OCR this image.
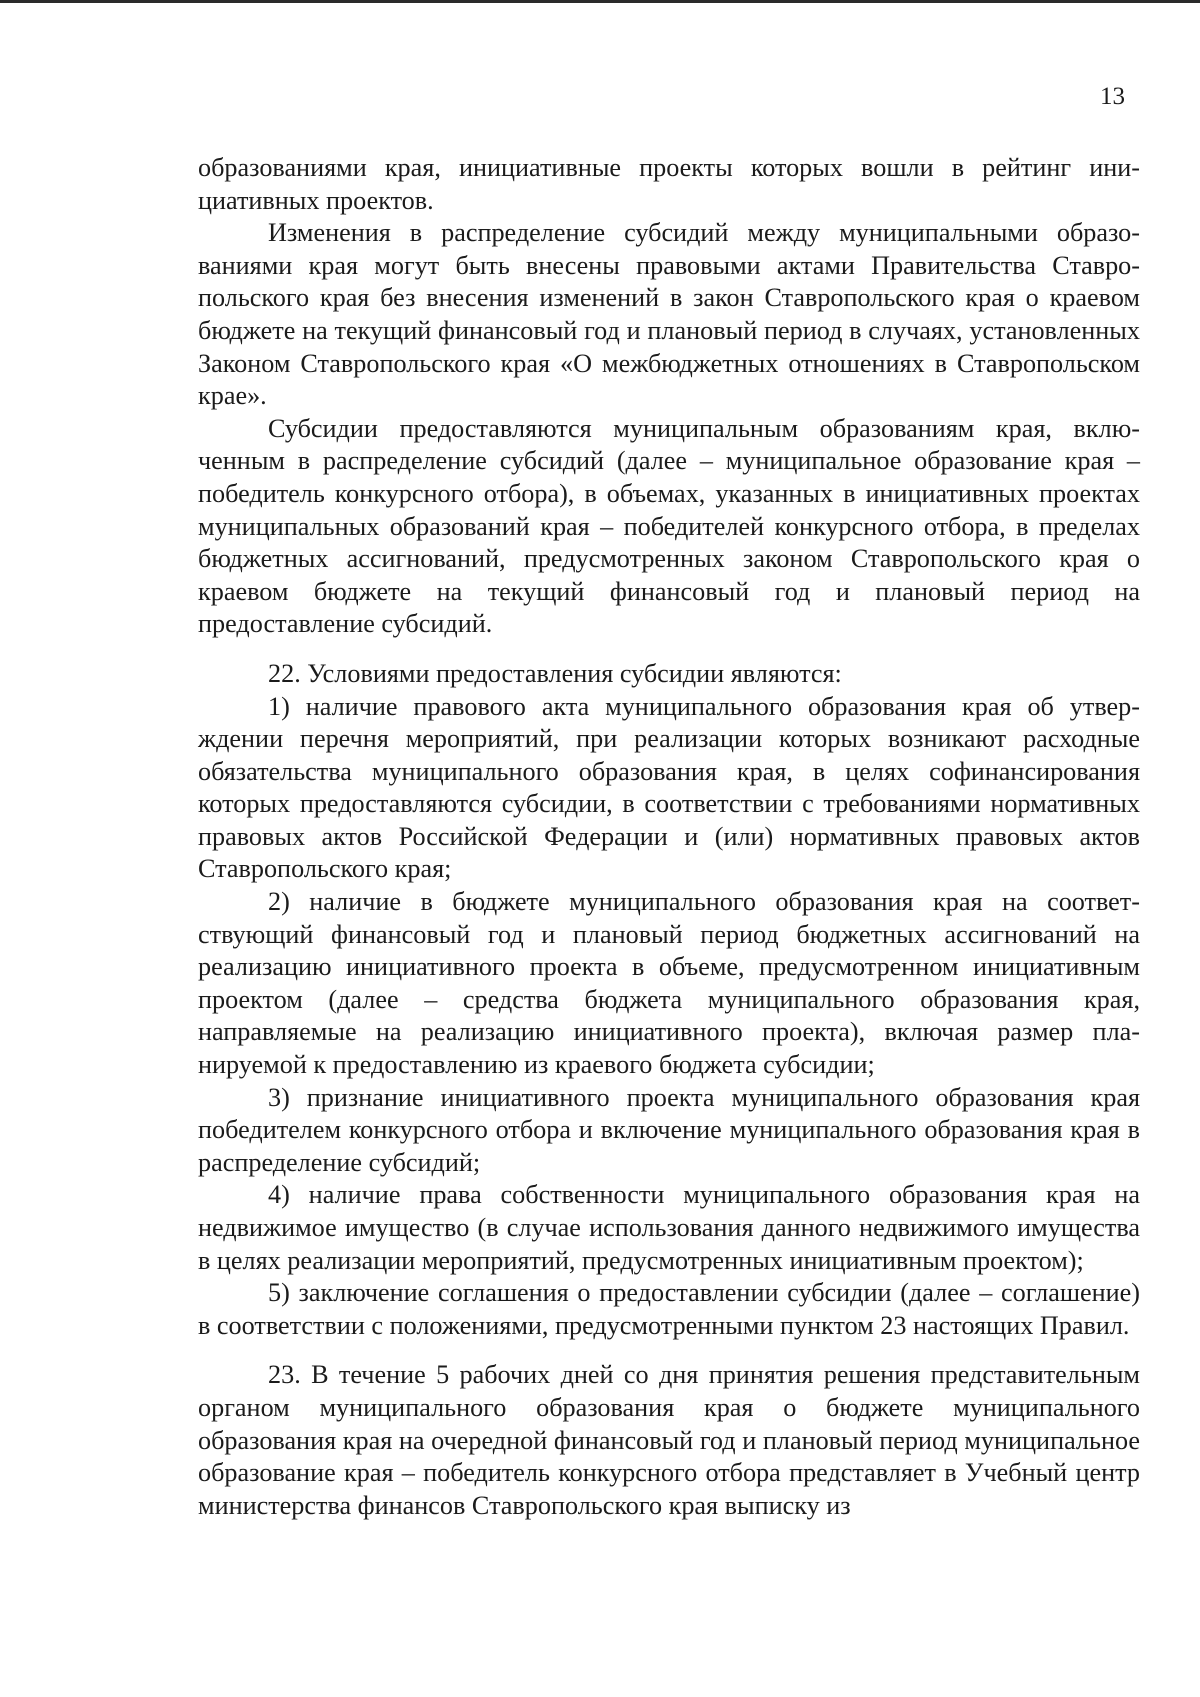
13

образованиями края, инициативные проекты которых вошли в рейтинг инициативных проектов.

Изменения в распределение субсидий между муниципальными образованиями края могут быть внесены правовыми актами Правительства Ставропольского края без внесения изменений в закон Ставропольского края о краевом бюджете на текущий финансовый год и плановый период в случаях, установленных Законом Ставропольского края «О межбюджетных отношениях в Ставропольском крае».

Субсидии предоставляются муниципальным образованиям края, включенным в распределение субсидий (далее – муниципальное образование края – победитель конкурсного отбора), в объемах, указанных в инициативных проектах муниципальных образований края – победителей конкурсного отбора, в пределах бюджетных ассигнований, предусмотренных законом Ставропольского края о краевом бюджете на текущий финансовый год и плановый период на предоставление субсидий.

22. Условиями предоставления субсидии являются:

1) наличие правового акта муниципального образования края об утверждении перечня мероприятий, при реализации которых возникают расходные обязательства муниципального образования края, в целях софинансирования которых предоставляются субсидии, в соответствии с требованиями нормативных правовых актов Российской Федерации и (или) нормативных правовых актов Ставропольского края;

2) наличие в бюджете муниципального образования края на соответствующий финансовый год и плановый период бюджетных ассигнований на реализацию инициативного проекта в объеме, предусмотренном инициативным проектом (далее – средства бюджета муниципального образования края, направляемые на реализацию инициативного проекта), включая размер планируемой к предоставлению из краевого бюджета субсидии;

3) признание инициативного проекта муниципального образования края победителем конкурсного отбора и включение муниципального образования края в распределение субсидий;

4) наличие права собственности муниципального образования края на недвижимое имущество (в случае использования данного недвижимого имущества в целях реализации мероприятий, предусмотренных инициативным проектом);

5) заключение соглашения о предоставлении субсидии (далее – соглашение) в соответствии с положениями, предусмотренными пунктом 23 настоящих Правил.

23. В течение 5 рабочих дней со дня принятия решения представительным органом муниципального образования края о бюджете муниципального образования края на очередной финансовый год и плановый период муниципальное образование края – победитель конкурсного отбора представляет в Учебный центр министерства финансов Ставропольского края выписку из
